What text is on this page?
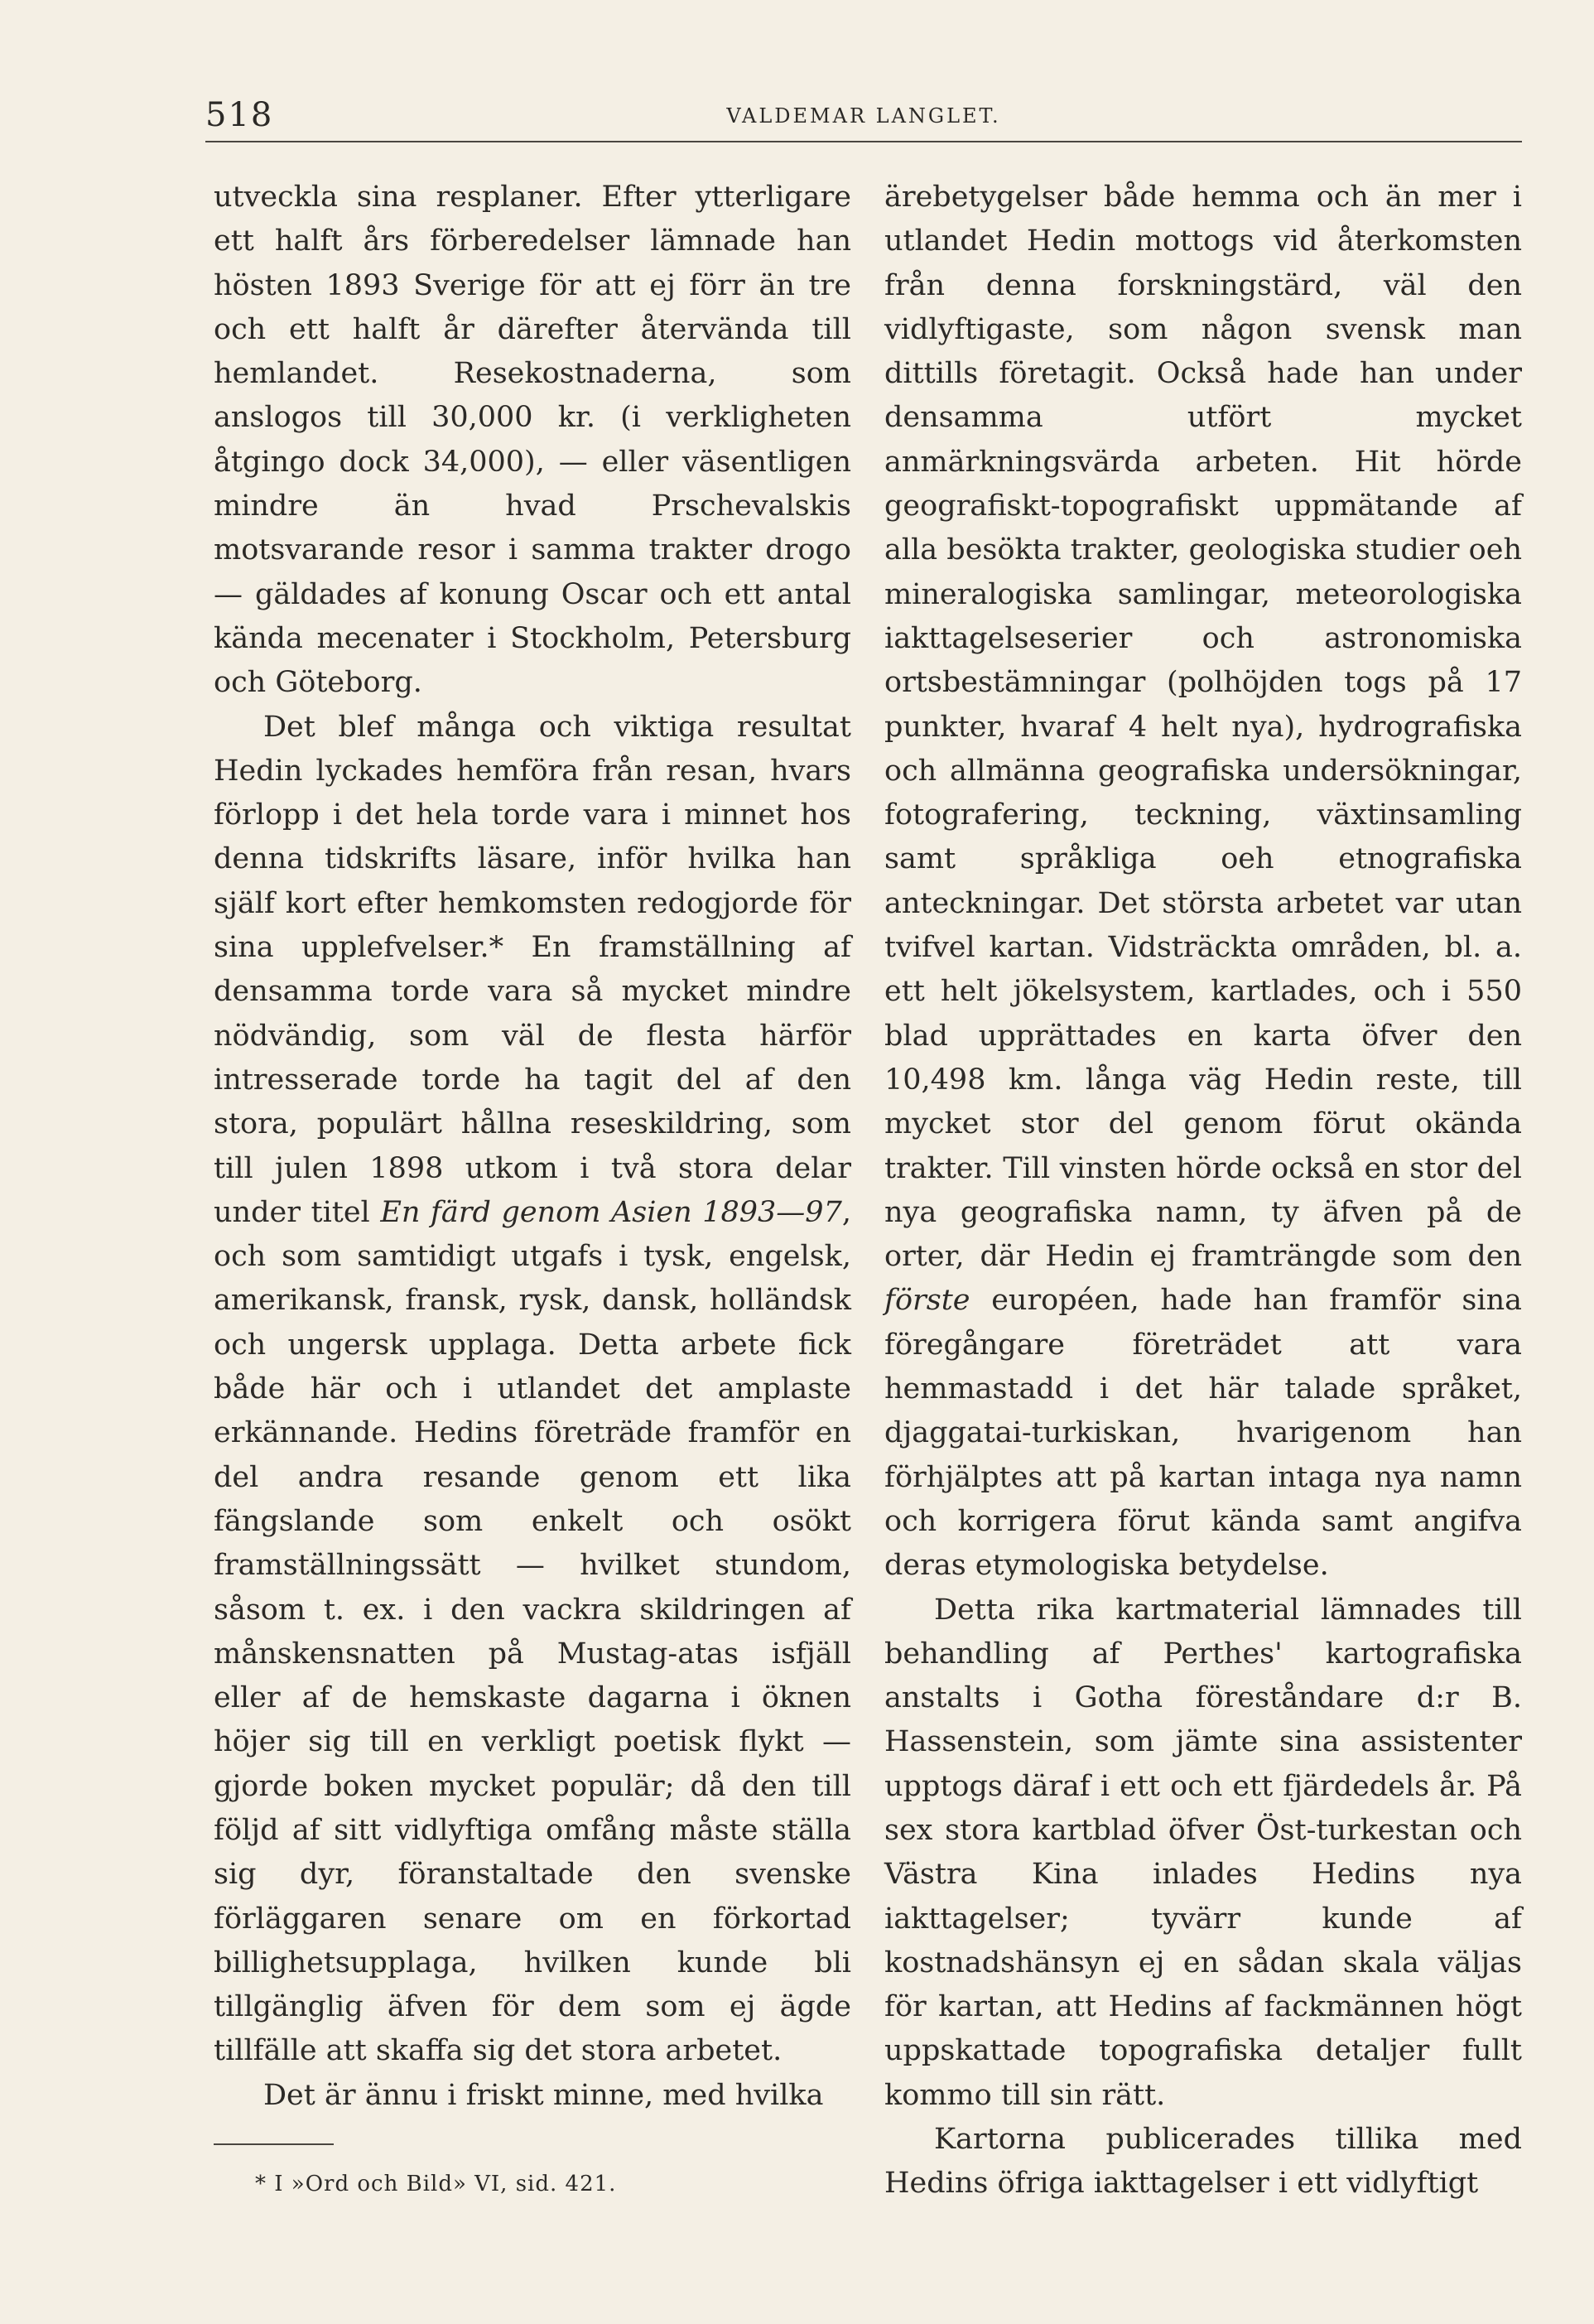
518	VALDEMAR LANGLET.

utveckla sina resplaner. Efter ytterligare ett halft års förberedelser lämnade han hösten 1893 Sverige för att ej förr än tre och ett halft år därefter återvända till hemlandet. Resekostnaderna, som anslogos till 30,000 kr. (i verkligheten åtgingo dock 34,000), — eller väsentligen mindre än hvad Prschevalskis motsvarande resor i samma trakter drogo — gäldades af konung Oscar och ett antal kända mecenater i Stockholm, Petersburg och Göteborg.

Det blef många och viktiga resultat Hedin lyckades hemföra från resan, hvars förlopp i det hela torde vara i minnet hos denna tidskrifts läsare, inför hvilka han själf kort efter hemkomsten redogjorde för sina upplefvelser.* En framställning af densamma torde vara så mycket mindre nödvändig, som väl de flesta härför intresserade torde ha tagit del af den stora, populärt hållna reseskildring, som till julen 1898 utkom i två stora delar under titel En färd genom Asien 1893—97, och som samtidigt utgafs i tysk, engelsk, amerikansk, fransk, rysk, dansk, holländsk och ungersk upplaga. Detta arbete fick både här och i utlandet det amplaste erkännande. Hedins företräde framför en del andra resande genom ett lika fängslande som enkelt och osökt framställningssätt — hvilket stundom, såsom t. ex. i den vackra skildringen af månskensnatten på Mustag-atas isfjäll eller af de hemskaste dagarna i öknen höjer sig till en verkligt poetisk flykt — gjorde boken mycket populär; då den till följd af sitt vidlyftiga omfång måste ställa sig dyr, föranstaltade den svenske förläggaren senare om en förkortad billighetsupplaga, hvilken kunde bli tillgänglig äfven för dem som ej ägde tillfälle att skaffa sig det stora arbetet.

Det är ännu i friskt minne, med hvilka

ärebetygelser både hemma och än mer i utlandet Hedin mottogs vid återkomsten från denna forskningstärd, väl den vidlyftigaste, som någon svensk man dittills företagit. Också hade han under densamma utfört mycket anmärkningsvärda arbeten. Hit hörde geografiskt-topografiskt uppmätande af alla besökta trakter, geologiska studier oeh mineralogiska samlingar, meteorologiska iakttagelseserier och astronomiska ortsbestämningar (polhöjden togs på 17 punkter, hvaraf 4 helt nya), hydrografiska och allmänna geografiska undersökningar, fotografering, teckning, växtinsamling samt språkliga oeh etnografiska anteckningar. Det största arbetet var utan tvifvel kartan. Vidsträckta områden, bl. a. ett helt jökelsystem, kartlades, och i 550 blad upprättades en karta öfver den 10,498 km. långa väg Hedin reste, till mycket stor del genom förut okända trakter. Till vinsten hörde också en stor del nya geografiska namn, ty äfven på de orter, där Hedin ej framträngde som den förste européen, hade han framför sina föregångare företrädet att vara hemmastadd i det här talade språket, djaggatai-turkiskan, hvarigenom han förhjälptes att på kartan intaga nya namn och korrigera förut kända samt angifva deras etymologiska betydelse.

Detta rika kartmaterial lämnades till behandling af Perthes' kartografiska anstalts i Gotha föreståndare d:r B. Hassenstein, som jämte sina assistenter upptogs däraf i ett och ett fjärdedels år. På sex stora kartblad öfver Öst-turkestan och Västra Kina inlades Hedins nya iakttagelser; tyvärr kunde af kostnadshänsyn ej en sådan skala väljas för kartan, att Hedins af fackmännen högt uppskattade topografiska detaljer fullt kommo till sin rätt.

Kartorna publicerades tillika med Hedins öfriga iakttagelser i ett vidlyftigt

* I »Ord och Bild» VI, sid. 421.
